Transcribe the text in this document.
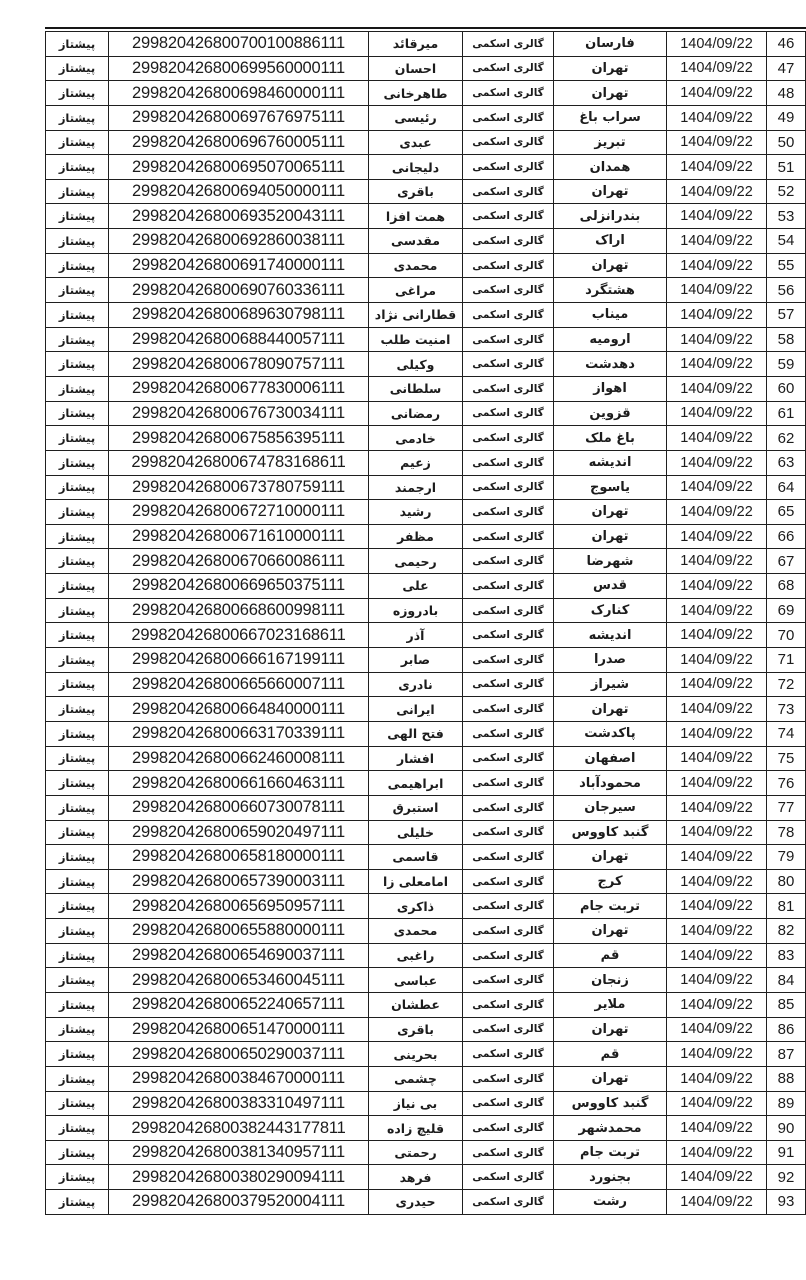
46	1404/09/22	فارسان	گالری اسکمی	میرقائد	299820426800700100886111	پیشتاز
47	1404/09/22	تهران	گالری اسکمی	احسان	299820426800699560000111	پیشتاز
48	1404/09/22	تهران	گالری اسکمی	طاهرخانی	299820426800698460000111	پیشتاز
49	1404/09/22	سراب باغ	گالری اسکمی	رئیسی	299820426800697676975111	پیشتاز
50	1404/09/22	تبریز	گالری اسکمی	عبدی	299820426800696760005111	پیشتاز
51	1404/09/22	همدان	گالری اسکمی	دلیجانی	299820426800695070065111	پیشتاز
52	1404/09/22	تهران	گالری اسکمی	باقری	299820426800694050000111	پیشتاز
53	1404/09/22	بندرانزلی	گالری اسکمی	همت افزا	299820426800693520043111	پیشتاز
54	1404/09/22	اراک	گالری اسکمی	مقدسی	299820426800692860038111	پیشتاز
55	1404/09/22	تهران	گالری اسکمی	محمدی	299820426800691740000111	پیشتاز
56	1404/09/22	هشتگرد	گالری اسکمی	مراغی	299820426800690760336111	پیشتاز
57	1404/09/22	میناب	گالری اسکمی	قطارانی نژاد	299820426800689630798111	پیشتاز
58	1404/09/22	ارومیه	گالری اسکمی	امنیت طلب	299820426800688440057111	پیشتاز
59	1404/09/22	دهدشت	گالری اسکمی	وکیلی	299820426800678090757111	پیشتاز
60	1404/09/22	اهواز	گالری اسکمی	سلطانی	299820426800677830006111	پیشتاز
61	1404/09/22	قزوین	گالری اسکمی	رمضانی	299820426800676730034111	پیشتاز
62	1404/09/22	باغ ملک	گالری اسکمی	خادمی	299820426800675856395111	پیشتاز
63	1404/09/22	اندیشه	گالری اسکمی	زعیم	299820426800674783168611	پیشتاز
64	1404/09/22	یاسوج	گالری اسکمی	ارجمند	299820426800673780759111	پیشتاز
65	1404/09/22	تهران	گالری اسکمی	رشید	299820426800672710000111	پیشتاز
66	1404/09/22	تهران	گالری اسکمی	مظفر	299820426800671610000111	پیشتاز
67	1404/09/22	شهرضا	گالری اسکمی	رحیمی	299820426800670660086111	پیشتاز
68	1404/09/22	قدس	گالری اسکمی	علی	299820426800669650375111	پیشتاز
69	1404/09/22	کنارک	گالری اسکمی	بادروزه	299820426800668600998111	پیشتاز
70	1404/09/22	اندیشه	گالری اسکمی	آذر	299820426800667023168611	پیشتاز
71	1404/09/22	صدرا	گالری اسکمی	صابر	299820426800666167199111	پیشتاز
72	1404/09/22	شیراز	گالری اسکمی	نادری	299820426800665660007111	پیشتاز
73	1404/09/22	تهران	گالری اسکمی	ایرانی	299820426800664840000111	پیشتاز
74	1404/09/22	پاکدشت	گالری اسکمی	فتح الهی	299820426800663170339111	پیشتاز
75	1404/09/22	اصفهان	گالری اسکمی	افشار	299820426800662460008111	پیشتاز
76	1404/09/22	محمودآباد	گالری اسکمی	ابراهیمی	299820426800661660463111	پیشتاز
77	1404/09/22	سیرجان	گالری اسکمی	استبرق	299820426800660730078111	پیشتاز
78	1404/09/22	گنبد کاووس	گالری اسکمی	خلیلی	299820426800659020497111	پیشتاز
79	1404/09/22	تهران	گالری اسکمی	قاسمی	299820426800658180000111	پیشتاز
80	1404/09/22	کرج	گالری اسکمی	امامعلی زا	299820426800657390003111	پیشتاز
81	1404/09/22	تربت جام	گالری اسکمی	ذاکری	299820426800656950957111	پیشتاز
82	1404/09/22	تهران	گالری اسکمی	محمدی	299820426800655880000111	پیشتاز
83	1404/09/22	قم	گالری اسکمی	راغبی	299820426800654690037111	پیشتاز
84	1404/09/22	زنجان	گالری اسکمی	عباسی	299820426800653460045111	پیشتاز
85	1404/09/22	ملایر	گالری اسکمی	عطشان	299820426800652240657111	پیشتاز
86	1404/09/22	تهران	گالری اسکمی	باقری	299820426800651470000111	پیشتاز
87	1404/09/22	قم	گالری اسکمی	بحرینی	299820426800650290037111	پیشتاز
88	1404/09/22	تهران	گالری اسکمی	چشمی	299820426800384670000111	پیشتاز
89	1404/09/22	گنبد کاووس	گالری اسکمی	بی نیاز	299820426800383310497111	پیشتاز
90	1404/09/22	محمدشهر	گالری اسکمی	قلیچ زاده	299820426800382443177811	پیشتاز
91	1404/09/22	تربت جام	گالری اسکمی	رحمتی	299820426800381340957111	پیشتاز
92	1404/09/22	بجنورد	گالری اسکمی	فرهد	299820426800380290094111	پیشتاز
93	1404/09/22	رشت	گالری اسکمی	حیدری	299820426800379520004111	پیشتاز
